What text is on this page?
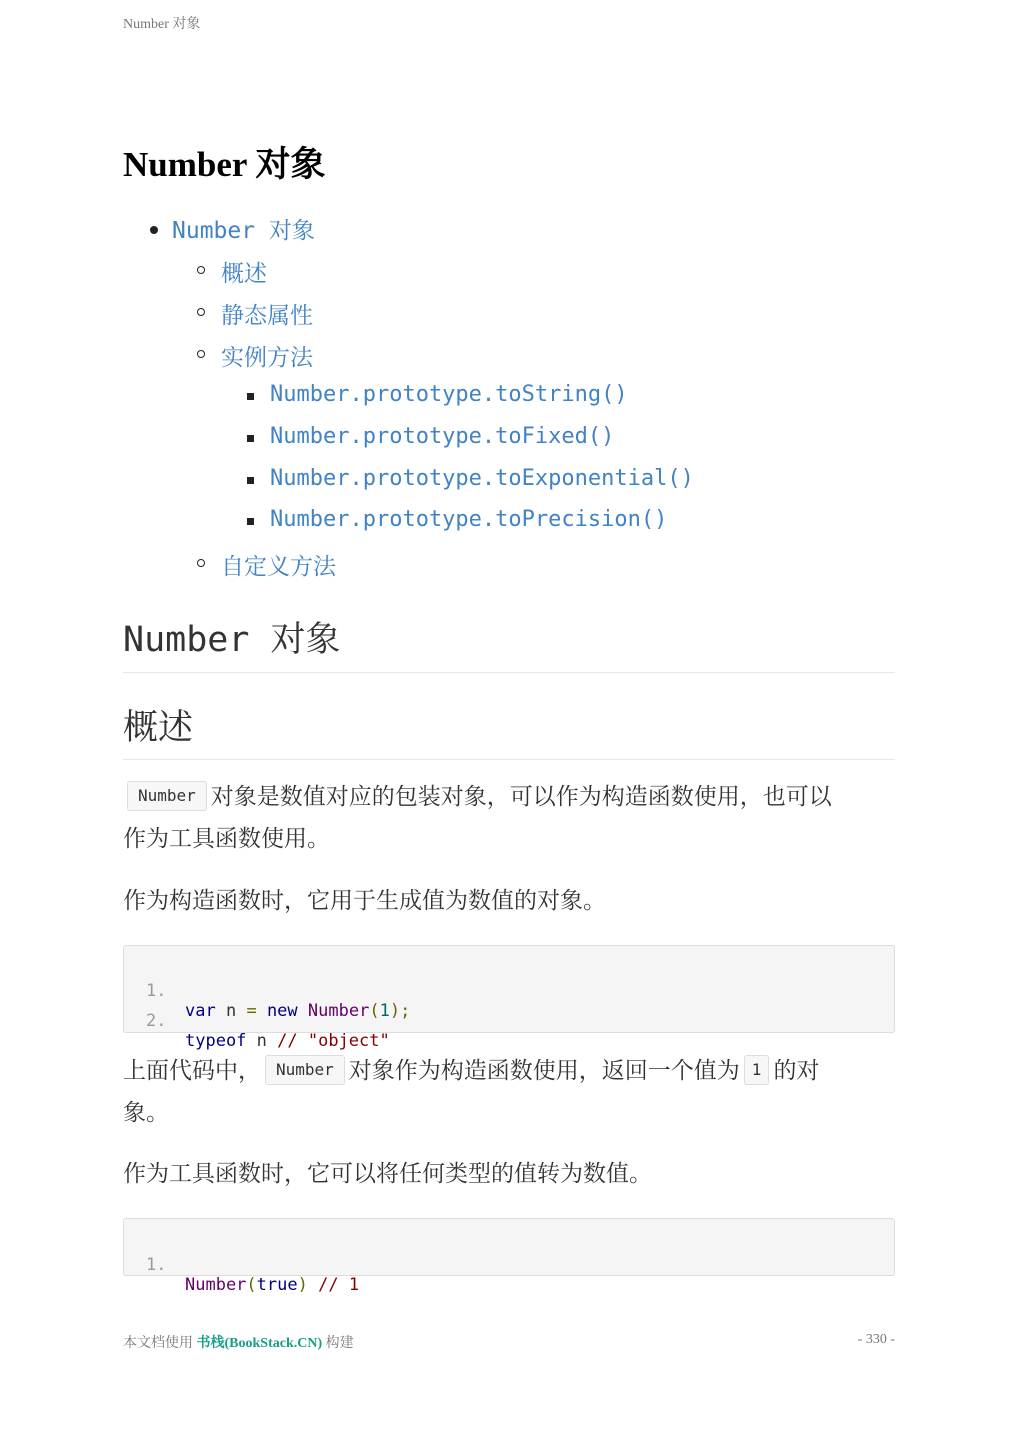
Number 对象
Number 对象
Number 对象
概述
静态属性
实例方法
Number.prototype.toString()
Number.prototype.toFixed()
Number.prototype.toExponential()
Number.prototype.toPrecision()
自定义方法
Number 对象
概述
Number 对象是数值对应的包装对象，可以作为构造函数使用，也可以
作为工具函数使用。
作为构造函数时，它用于生成值为数值的对象。

1.

var n = new Number(1);

2.

typeof n // "object"

上面代码中， Number 对象作为构造函数使用，返回一个值为 1 的对
象。
作为工具函数时，它可以将任何类型的值转为数值。

1.

Number(true) // 1

本文档使用 书栈(BookStack.CN) 构建	- 330 -
